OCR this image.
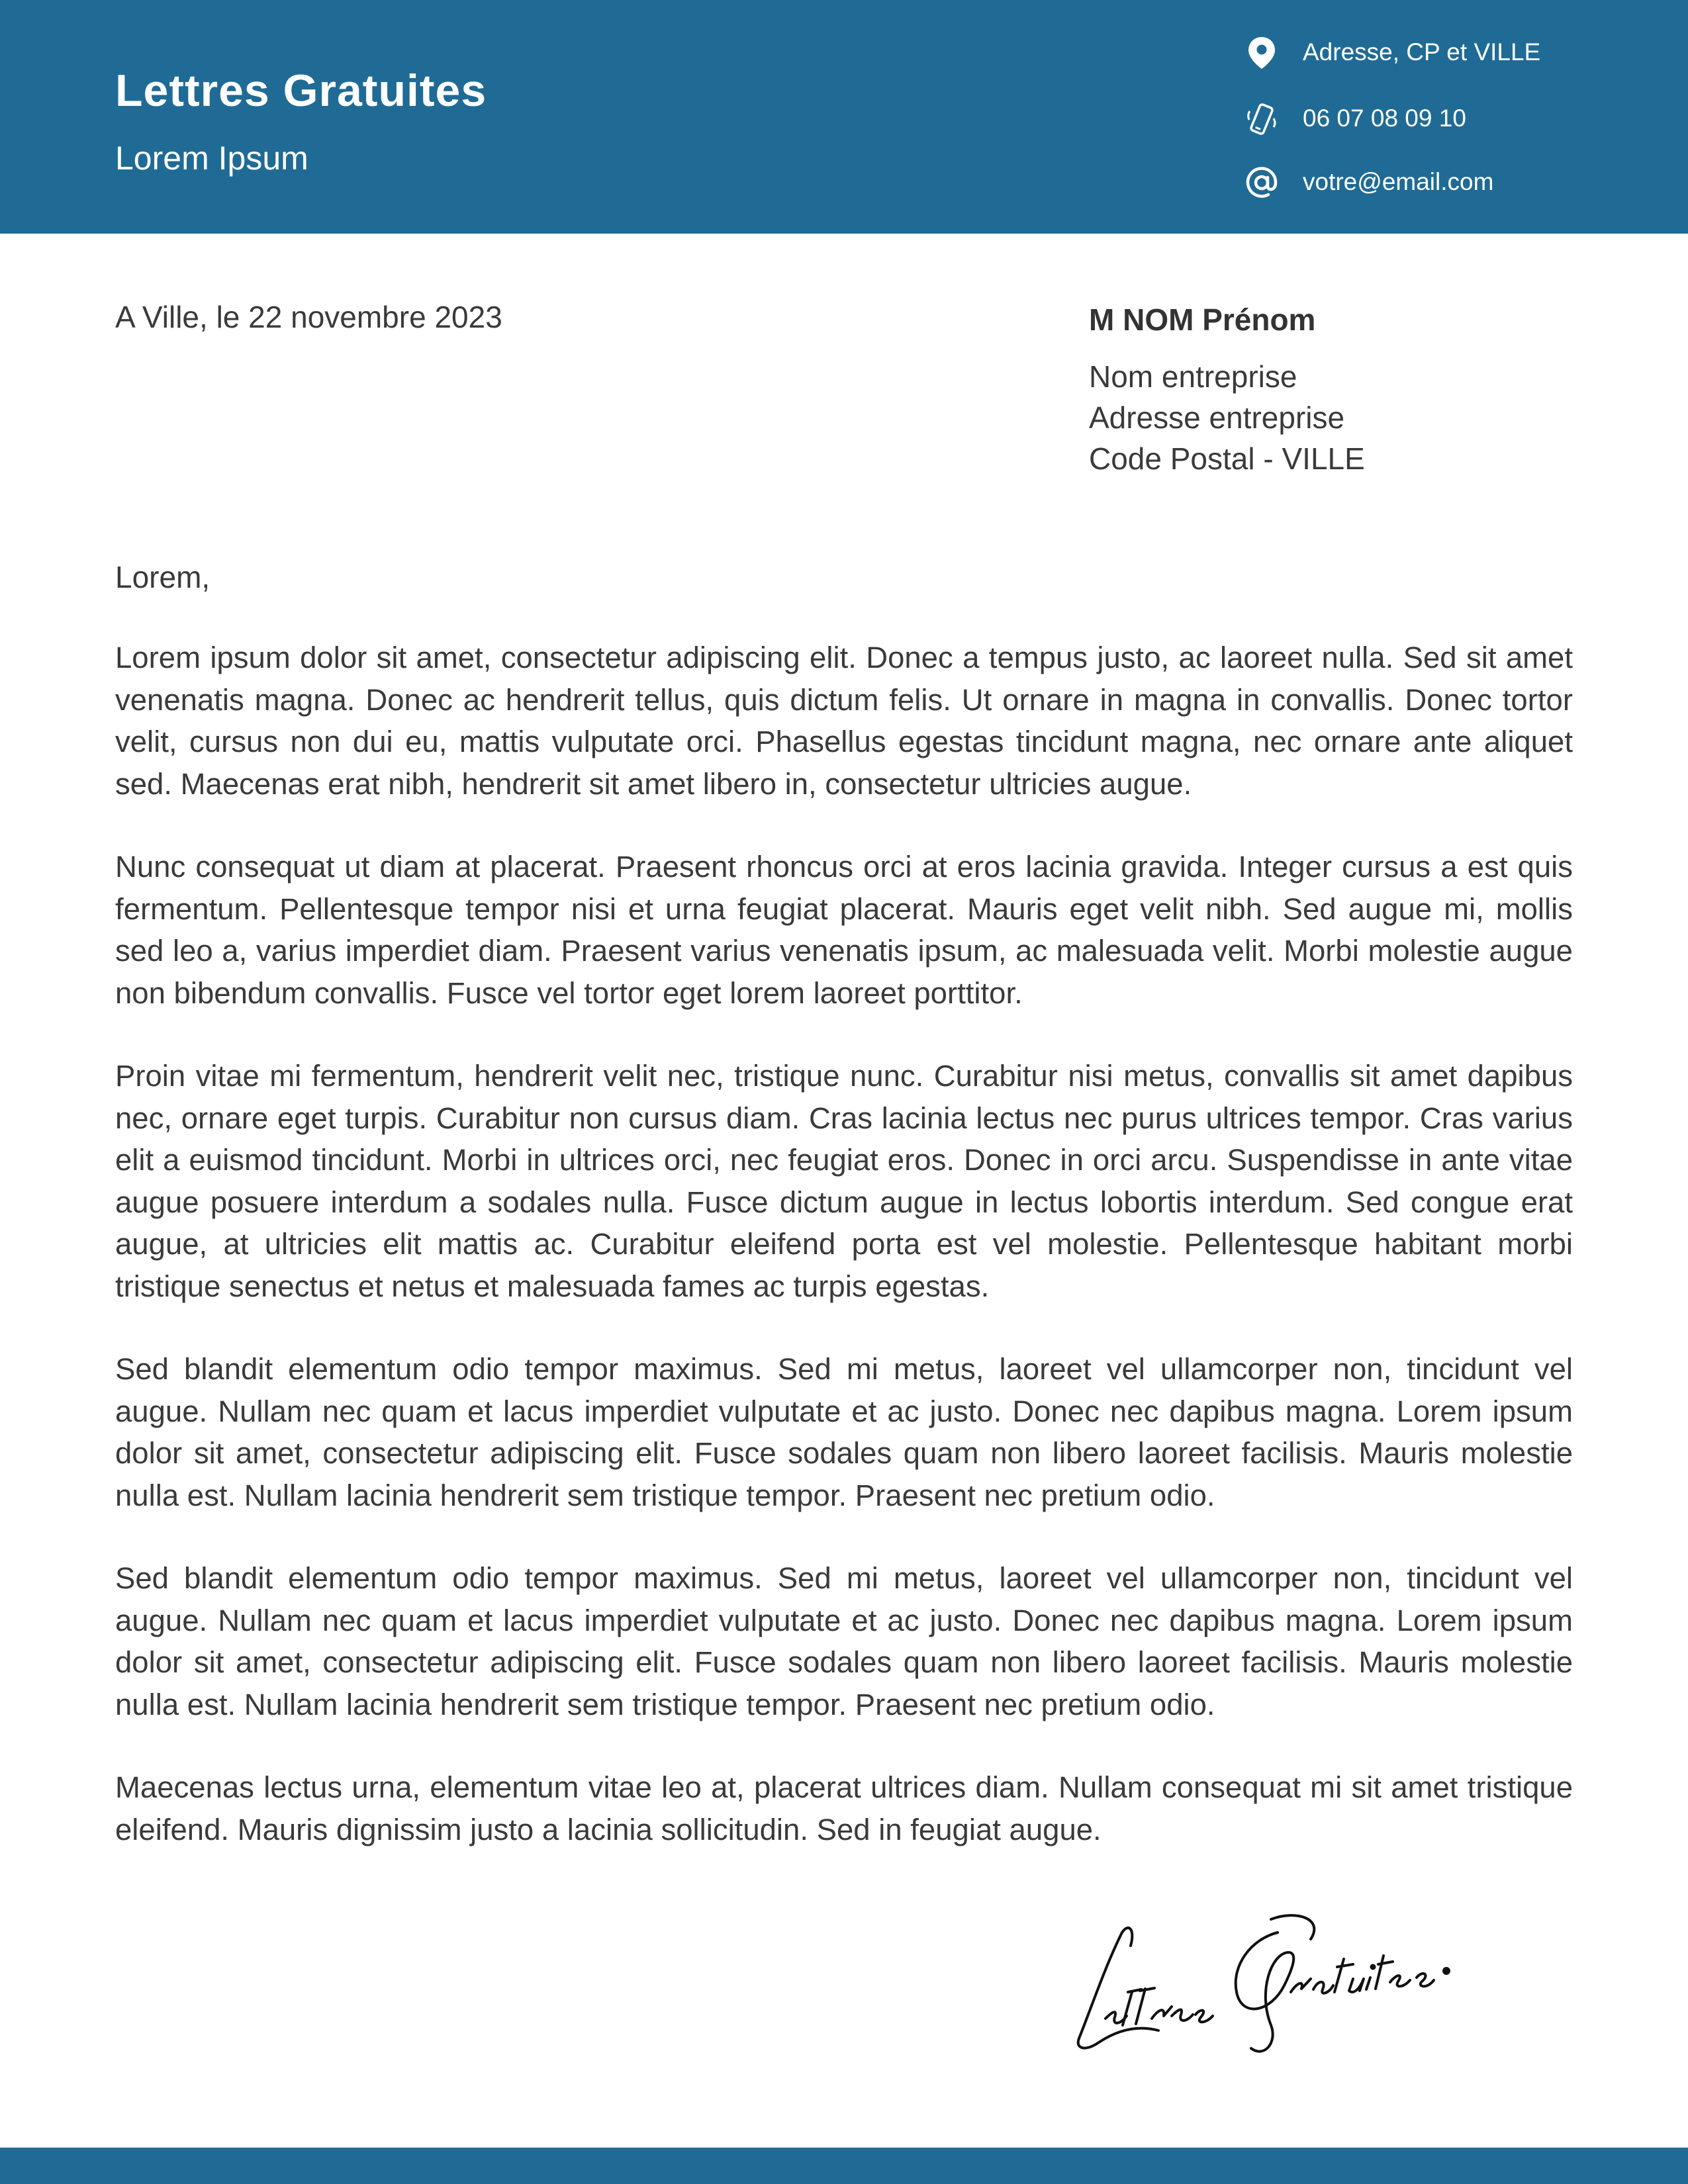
Lettres Gratuites
Lorem Ipsum
Adresse, CP et VILLE
06 07 08 09 10
votre@email.com
A Ville, le 22 novembre 2023	M NOM Prénom
Nom entreprise
Adresse entreprise
Code Postal - VILLE
Lorem,

Lorem ipsum dolor sit amet, consectetur adipiscing elit. Donec a tempus justo, ac laoreet nulla. Sed sit amet venenatis magna. Donec ac hendrerit tellus, quis dictum felis. Ut ornare in magna in convallis. Donec tortor velit, cursus non dui eu, mattis vulputate orci. Phasellus egestas tincidunt magna, nec ornare ante aliquet sed. Maecenas erat nibh, hendrerit sit amet libero in, consectetur ultricies augue.

Nunc consequat ut diam at placerat. Praesent rhoncus orci at eros lacinia gravida. Integer cursus a est quis fermentum. Pellentesque tempor nisi et urna feugiat placerat. Mauris eget velit nibh. Sed augue mi, mollis sed leo a, varius imperdiet diam. Praesent varius venenatis ipsum, ac malesuada velit. Morbi molestie augue non bibendum convallis. Fusce vel tortor eget lorem laoreet porttitor.

Proin vitae mi fermentum, hendrerit velit nec, tristique nunc. Curabitur nisi metus, convallis sit amet dapibus nec, ornare eget turpis. Curabitur non cursus diam. Cras lacinia lectus nec purus ultrices tempor. Cras varius elit a euismod tincidunt. Morbi in ultrices orci, nec feugiat eros. Donec in orci arcu. Suspendisse in ante vitae augue posuere interdum a sodales nulla. Fusce dictum augue in lectus lobortis interdum. Sed congue erat augue, at ultricies elit mattis ac. Curabitur eleifend porta est vel molestie. Pellentesque habitant morbi tristique senectus et netus et malesuada fames ac turpis egestas.

Sed blandit elementum odio tempor maximus. Sed mi metus, laoreet vel ullamcorper non, tincidunt vel augue. Nullam nec quam et lacus imperdiet vulputate et ac justo. Donec nec dapibus magna. Lorem ipsum dolor sit amet, consectetur adipiscing elit. Fusce sodales quam non libero laoreet facilisis. Mauris molestie nulla est. Nullam lacinia hendrerit sem tristique tempor. Praesent nec pretium odio.

Sed blandit elementum odio tempor maximus. Sed mi metus, laoreet vel ullamcorper non, tincidunt vel augue. Nullam nec quam et lacus imperdiet vulputate et ac justo. Donec nec dapibus magna. Lorem ipsum dolor sit amet, consectetur adipiscing elit. Fusce sodales quam non libero laoreet facilisis. Mauris molestie nulla est. Nullam lacinia hendrerit sem tristique tempor. Praesent nec pretium odio.

Maecenas lectus urna, elementum vitae leo at, placerat ultrices diam. Nullam consequat mi sit amet tristique eleifend. Mauris dignissim justo a lacinia sollicitudin. Sed in feugiat augue.
